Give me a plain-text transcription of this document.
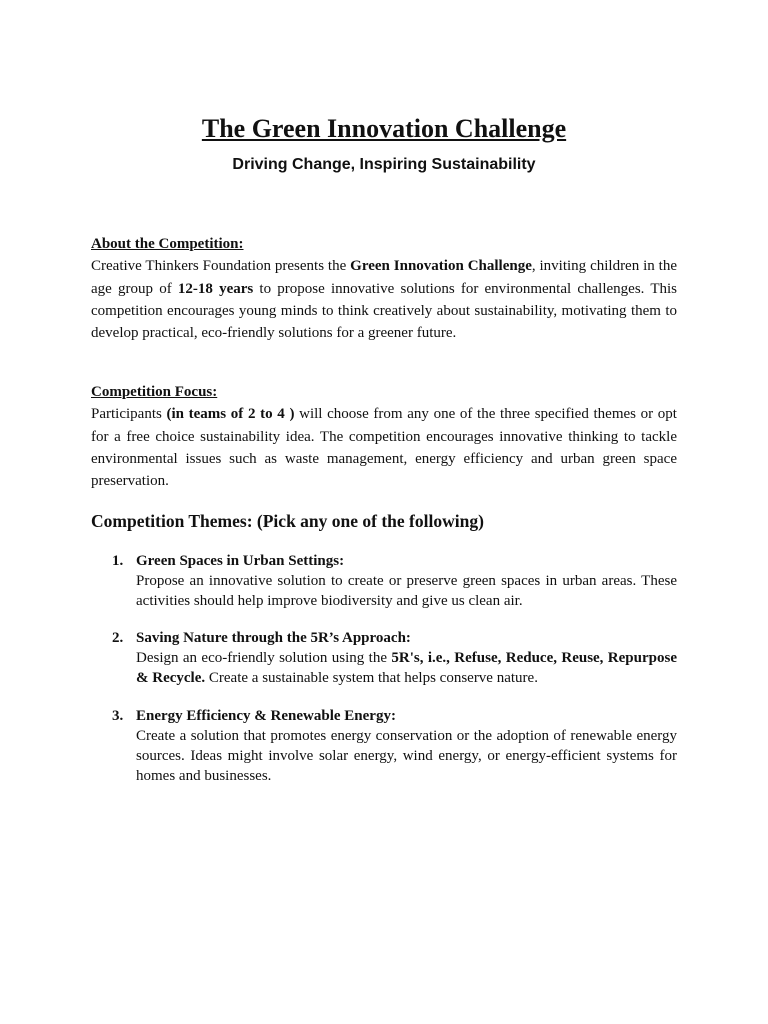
The Green Innovation Challenge
Driving Change, Inspiring Sustainability
About the Competition:
Creative Thinkers Foundation presents the Green Innovation Challenge, inviting children in the age group of 12-18 years to propose innovative solutions for environmental challenges. This competition encourages young minds to think creatively about sustainability, motivating them to develop practical, eco-friendly solutions for a greener future.
Competition Focus:
Participants (in teams of 2 to 4 ) will choose from any one of the three specified themes or opt for a free choice sustainability idea. The competition encourages innovative thinking to tackle environmental issues such as waste management, energy efficiency and urban green space preservation.
Competition Themes: (Pick any one of the following)
1. Green Spaces in Urban Settings:
Propose an innovative solution to create or preserve green spaces in urban areas. These activities should help improve biodiversity and give us clean air.
2. Saving Nature through the 5R’s Approach:
Design an eco-friendly solution using the 5R's, i.e., Refuse, Reduce, Reuse, Repurpose & Recycle. Create a sustainable system that helps conserve nature.
3. Energy Efficiency & Renewable Energy:
Create a solution that promotes energy conservation or the adoption of renewable energy sources. Ideas might involve solar energy, wind energy, or energy-efficient systems for homes and businesses.
